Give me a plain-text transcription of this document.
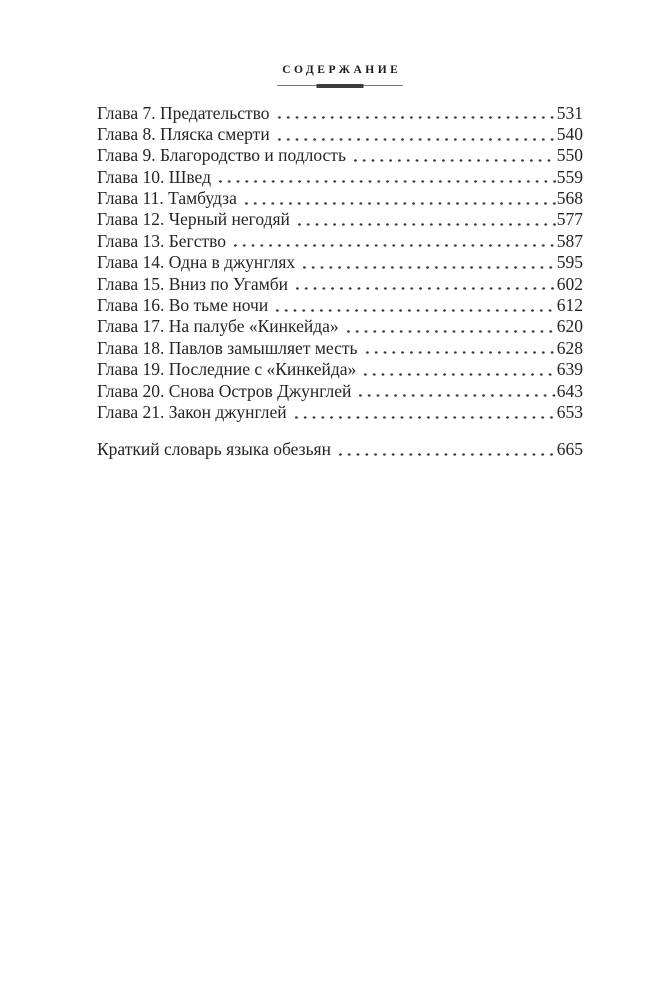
СОДЕРЖАНИЕ
Глава 7. Предательство	531
Глава 8. Пляска смерти	540
Глава 9. Благородство и подлость	550
Глава 10. Швед	559
Глава 11. Тамбудза	568
Глава 12. Черный негодяй	577
Глава 13. Бегство	587
Глава 14. Одна в джунглях	595
Глава 15. Вниз по Угамби	602
Глава 16. Во тьме ночи	612
Глава 17. На палубе «Кинкейда»	620
Глава 18. Павлов замышляет месть	628
Глава 19. Последние с «Кинкейда»	639
Глава 20. Снова Остров Джунглей	643
Глава 21. Закон джунглей	653
Краткий словарь языка обезьян	665
